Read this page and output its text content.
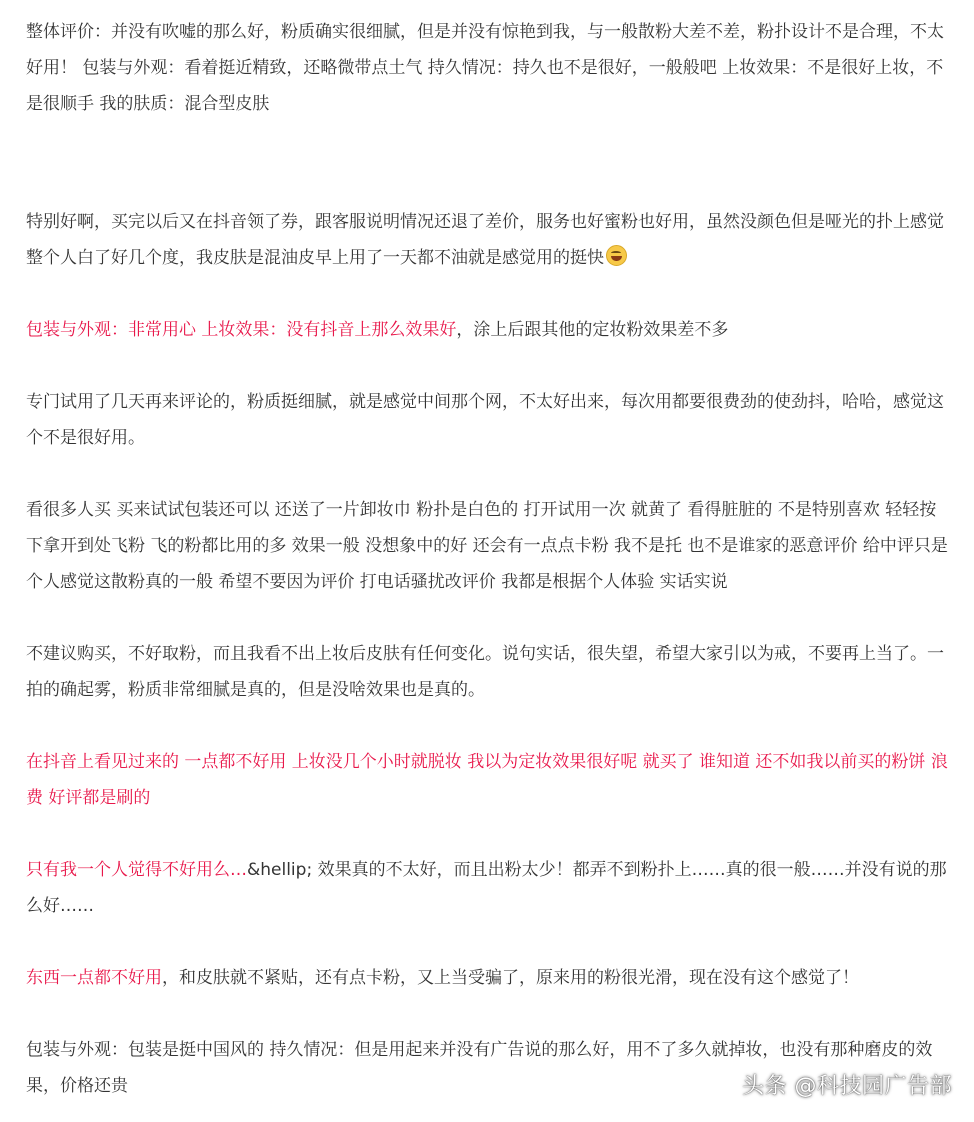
整体评价：并没有吹嘘的那么好，粉质确实很细腻，但是并没有惊艳到我，与一般散粉大差不差，粉扑设计不是合理，不太好用！ 包装与外观：看着挺近精致，还略微带点土气 持久情况：持久也不是很好，一般般吧 上妆效果：不是很好上妆，不是很顺手 我的肤质：混合型皮肤

特别好啊，买完以后又在抖音领了券，跟客服说明情况还退了差价，服务也好蜜粉也好用，虽然没颜色但是哑光的扑上感觉整个人白了好几个度，我皮肤是混油皮早上用了一天都不油就是感觉用的挺快

包装与外观：非常用心 上妆效果：没有抖音上那么效果好，涂上后跟其他的定妆粉效果差不多

专门试用了几天再来评论的，粉质挺细腻，就是感觉中间那个网，不太好出来，每次用都要很费劲的使劲抖，哈哈，感觉这个不是很好用。

看很多人买 买来试试包装还可以 还送了一片卸妆巾 粉扑是白色的 打开试用一次 就黄了 看得脏脏的 不是特别喜欢 轻轻按下拿开到处飞粉 飞的粉都比用的多 效果一般 没想象中的好 还会有一点点卡粉 我不是托 也不是谁家的恶意评价 给中评只是个人感觉这散粉真的一般 希望不要因为评价 打电话骚扰改评价 我都是根据个人体验 实话实说

不建议购买，不好取粉，而且我看不出上妆后皮肤有任何变化。说句实话，很失望，希望大家引以为戒，不要再上当了。一拍的确起雾，粉质非常细腻是真的，但是没啥效果也是真的。

在抖音上看见过来的 一点都不好用 上妆没几个小时就脱妆 我以为定妆效果很好呢 就买了 谁知道 还不如我以前买的粉饼 浪 费 好评都是刷的

只有我一个人觉得不好用么…&hellip; 效果真的不太好，而且出粉太少！都弄不到粉扑上……真的很一般……并没有说的那么好……

东西一点都不好用，和皮肤就不紧贴，还有点卡粉，又上当受骗了，原来用的粉很光滑，现在没有这个感觉了！

包装与外观：包装是挺中国风的 持久情况：但是用起来并没有广告说的那么好，用不了多久就掉妆，也没有那种磨皮的效果，价格还贵	头条 @科技园广告部
